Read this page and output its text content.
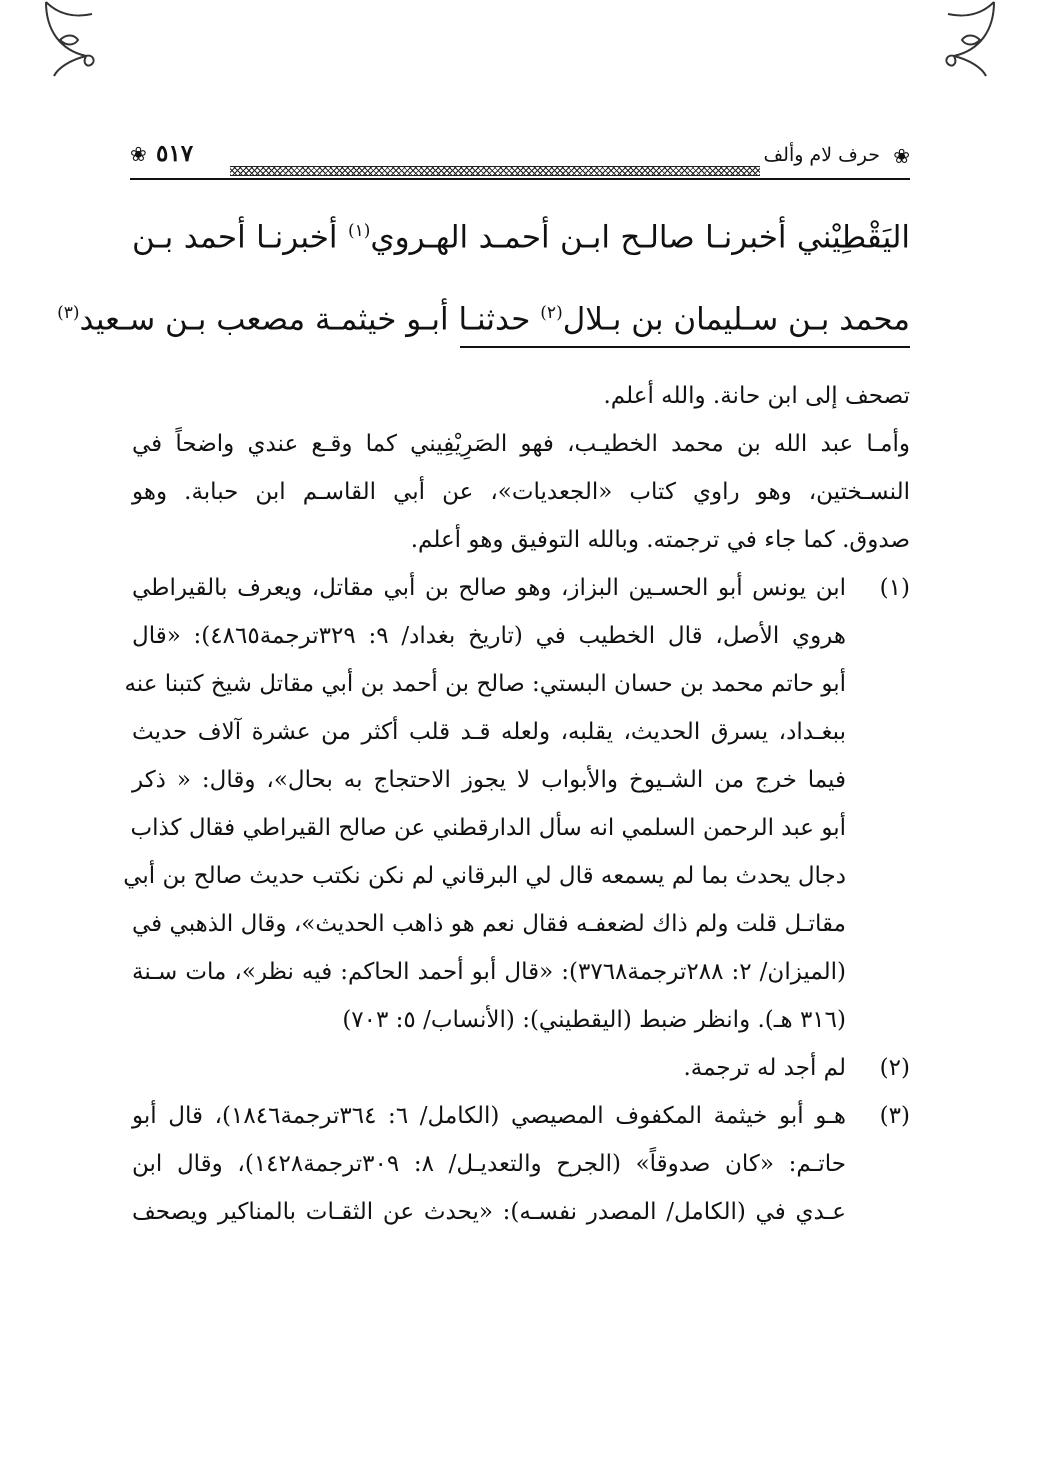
❀
حرف لام وألف
٥١٧
❀
اليَقْطِيْني أخبرنـا صالـح ابـن أحمـد الهـروي$^{(١)}$ أخبرنـا أحمد بـن
محمد بـن سـليمان بن بـلال$^{(٢)}$ حدثنـا أبـو خيثمـة مصعب بـن سـعيد$^{(٣)}$
تصحف إلى ابن حانة. والله أعلم.
وأمـا عبد الله بن محمد الخطيـب، فهو الصَرِيْفِيني كما وقـع عندي واضحاً في
النسـختين، وهو راوي كتاب «الجعديات»، عن أبي القاسـم ابن حبابة. وهو
صدوق. كما جاء في ترجمته. وبالله التوفيق وهو أعلم.
(١)
ابن يونس أبو الحسـين البزاز، وهو صالح بن أبي مقاتل، ويعرف بالقيراطي
هروي الأصل، قال الخطيب في (تاريخ بغداد/ ٩: ٣٢٩ترجمة٤٨٦٥): «قال
أبو حاتم محمد بن حسان البستي: صالح بن أحمد بن أبي مقاتل شيخ كتبنا عنه
ببغـداد، يسرق الحديث، يقلبه، ولعله قـد قلب أكثر من عشرة آلاف حديث
فيما خرج من الشـيوخ والأبواب لا يجوز الاحتجاج به بحال»، وقال: « ذكر
أبو عبد الرحمن السلمي انه سأل الدارقطني عن صالح القيراطي فقال كذاب
دجال يحدث بما لم يسمعه قال لي البرقاني لم نكن نكتب حديث صالح بن أبي
مقاتـل قلت ولم ذاك لضعفـه فقال نعم هو ذاهب الحديث»، وقال الذهبي في
(الميزان/ ٢: ٢٨٨ترجمة٣٧٦٨): «قال أبو أحمد الحاكم: فيه نظر»، مات سـنة
(٣١٦ هـ). وانظر ضبط (اليقطيني): (الأنساب/ ٥: ٧٠٣)
(٢)
لم أجد له ترجمة.
(٣)
هـو أبو خيثمة المكفوف المصيصي (الكامل/ ٦: ٣٦٤ترجمة١٨٤٦)، قال أبو
حاتـم: «كان صدوقاً» (الجرح والتعديـل/ ٨: ٣٠٩ترجمة١٤٢٨)، وقال ابن
عـدي في (الكامل/ المصدر نفسـه): «يحدث عن الثقـات بالمناكير ويصحف
